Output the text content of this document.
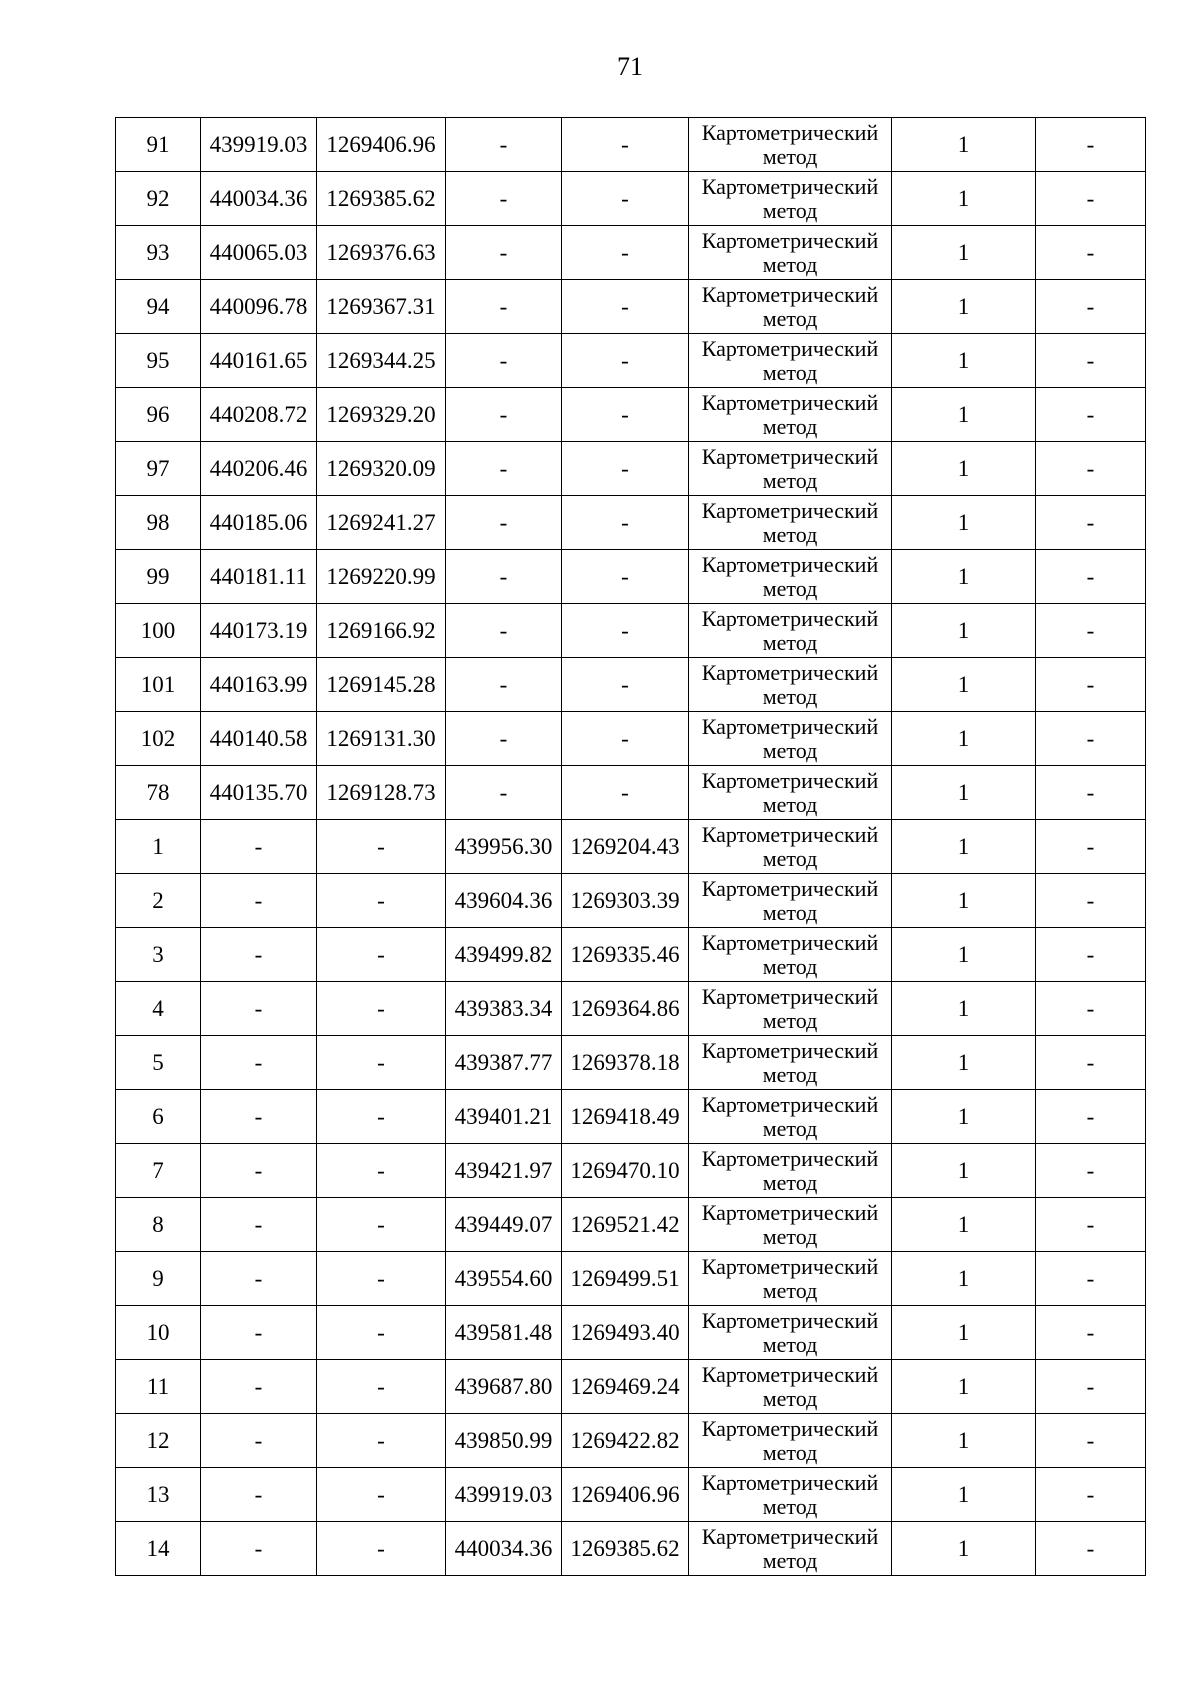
71
91	439919.03	1269406.96	-	-	Картометрический метод	1	-
92	440034.36	1269385.62	-	-	Картометрический метод	1	-
93	440065.03	1269376.63	-	-	Картометрический метод	1	-
94	440096.78	1269367.31	-	-	Картометрический метод	1	-
95	440161.65	1269344.25	-	-	Картометрический метод	1	-
96	440208.72	1269329.20	-	-	Картометрический метод	1	-
97	440206.46	1269320.09	-	-	Картометрический метод	1	-
98	440185.06	1269241.27	-	-	Картометрический метод	1	-
99	440181.11	1269220.99	-	-	Картометрический метод	1	-
100	440173.19	1269166.92	-	-	Картометрический метод	1	-
101	440163.99	1269145.28	-	-	Картометрический метод	1	-
102	440140.58	1269131.30	-	-	Картометрический метод	1	-
78	440135.70	1269128.73	-	-	Картометрический метод	1	-
1	-	-	439956.30	1269204.43	Картометрический метод	1	-
2	-	-	439604.36	1269303.39	Картометрический метод	1	-
3	-	-	439499.82	1269335.46	Картометрический метод	1	-
4	-	-	439383.34	1269364.86	Картометрический метод	1	-
5	-	-	439387.77	1269378.18	Картометрический метод	1	-
6	-	-	439401.21	1269418.49	Картометрический метод	1	-
7	-	-	439421.97	1269470.10	Картометрический метод	1	-
8	-	-	439449.07	1269521.42	Картометрический метод	1	-
9	-	-	439554.60	1269499.51	Картометрический метод	1	-
10	-	-	439581.48	1269493.40	Картометрический метод	1	-
11	-	-	439687.80	1269469.24	Картометрический метод	1	-
12	-	-	439850.99	1269422.82	Картометрический метод	1	-
13	-	-	439919.03	1269406.96	Картометрический метод	1	-
14	-	-	440034.36	1269385.62	Картометрический метод	1	-
